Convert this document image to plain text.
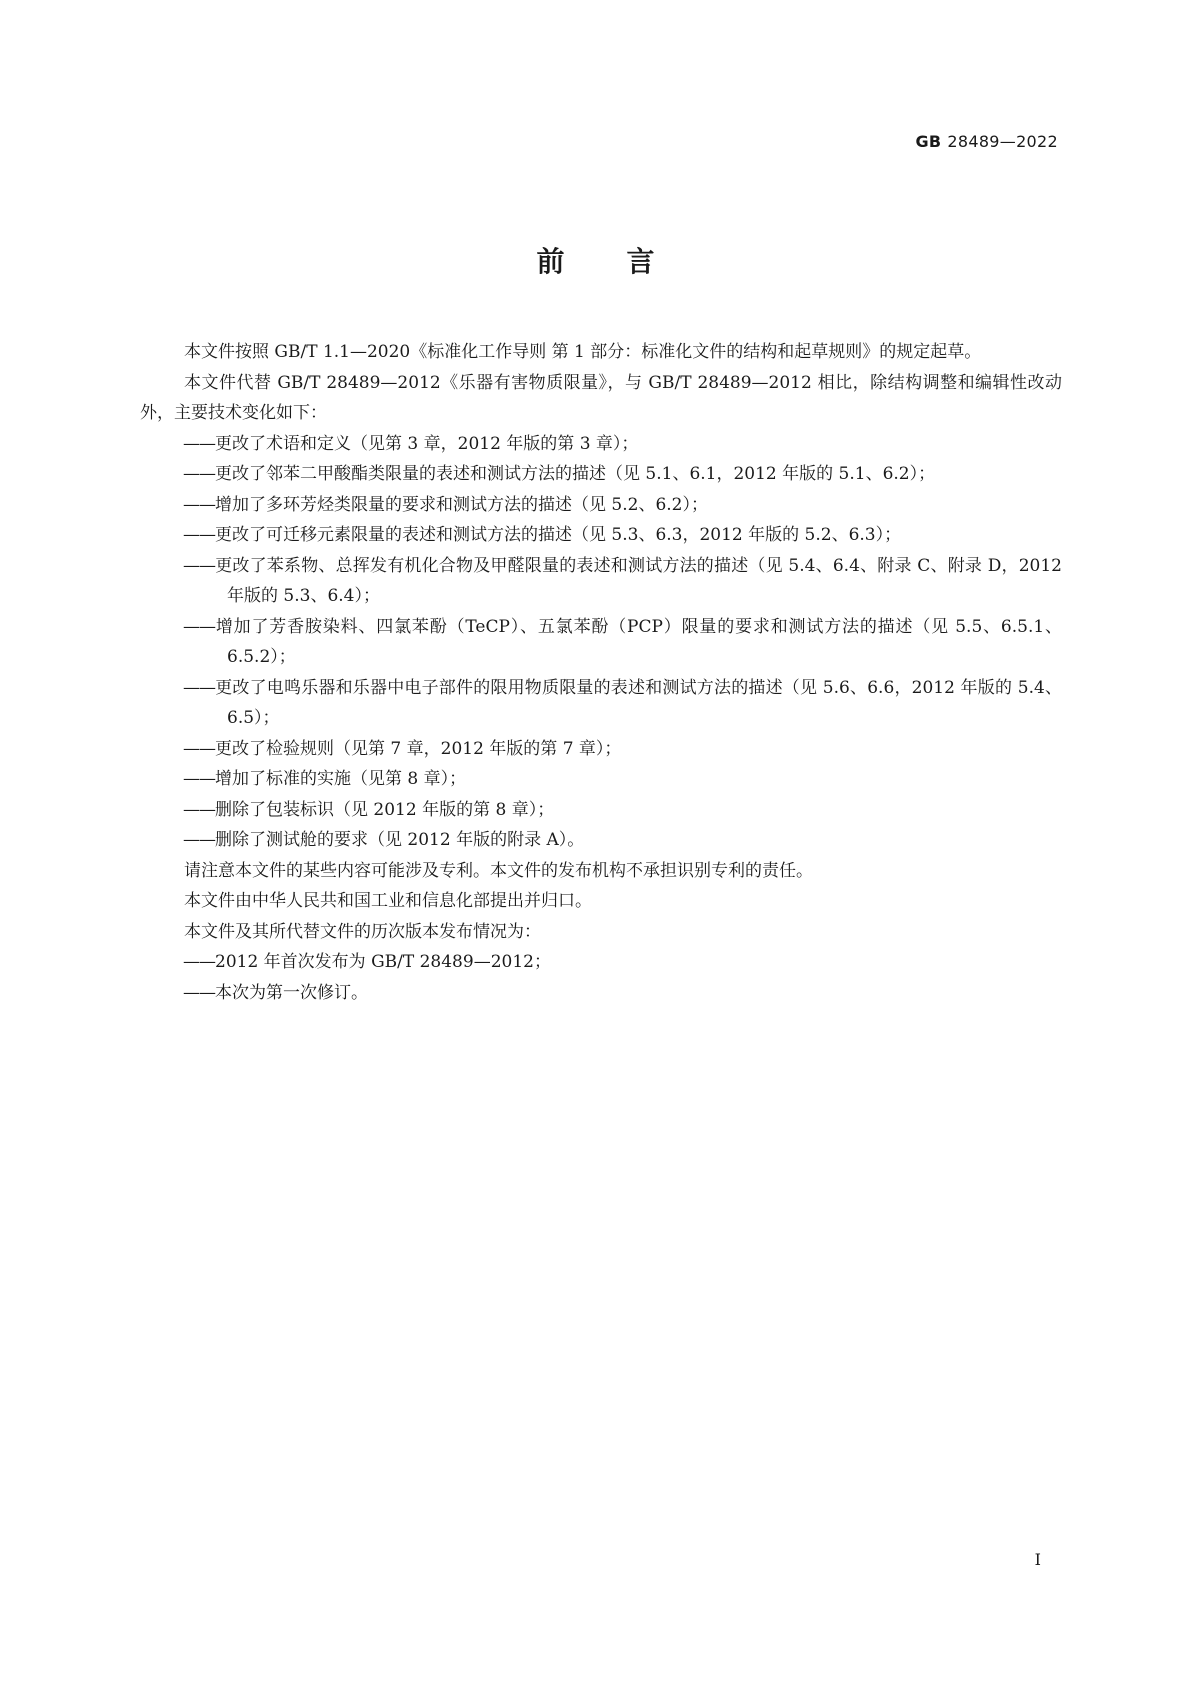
GB 28489—2022
前言

本文件按照 GB/T 1.1—2020《标准化工作导则 第 1 部分：标准化文件的结构和起草规则》的规定起草。

本文件代替 GB/T 28489—2012《乐器有害物质限量》，与 GB/T 28489—2012 相比，除结构调整和编辑性改动外，主要技术变化如下：

——更改了术语和定义（见第 3 章，2012 年版的第 3 章）；

——更改了邻苯二甲酸酯类限量的表述和测试方法的描述（见 5.1、6.1，2012 年版的 5.1、6.2）；

——增加了多环芳烃类限量的要求和测试方法的描述（见 5.2、6.2）；

——更改了可迁移元素限量的表述和测试方法的描述（见 5.3、6.3，2012 年版的 5.2、6.3）；

——更改了苯系物、总挥发有机化合物及甲醛限量的表述和测试方法的描述（见 5.4、6.4、附录 C、附录 D，2012 年版的 5.3、6.4）；

——增加了芳香胺染料、四氯苯酚（TeCP）、五氯苯酚（PCP）限量的要求和测试方法的描述（见 5.5、6.5.1、6.5.2）；

——更改了电鸣乐器和乐器中电子部件的限用物质限量的表述和测试方法的描述（见 5.6、6.6，2012 年版的 5.4、6.5）；

——更改了检验规则（见第 7 章，2012 年版的第 7 章）；

——增加了标准的实施（见第 8 章）；

——删除了包装标识（见 2012 年版的第 8 章）；

——删除了测试舱的要求（见 2012 年版的附录 A）。

请注意本文件的某些内容可能涉及专利。本文件的发布机构不承担识别专利的责任。

本文件由中华人民共和国工业和信息化部提出并归口。

本文件及其所代替文件的历次版本发布情况为：

——2012 年首次发布为 GB/T 28489—2012；

——本次为第一次修订。

I
